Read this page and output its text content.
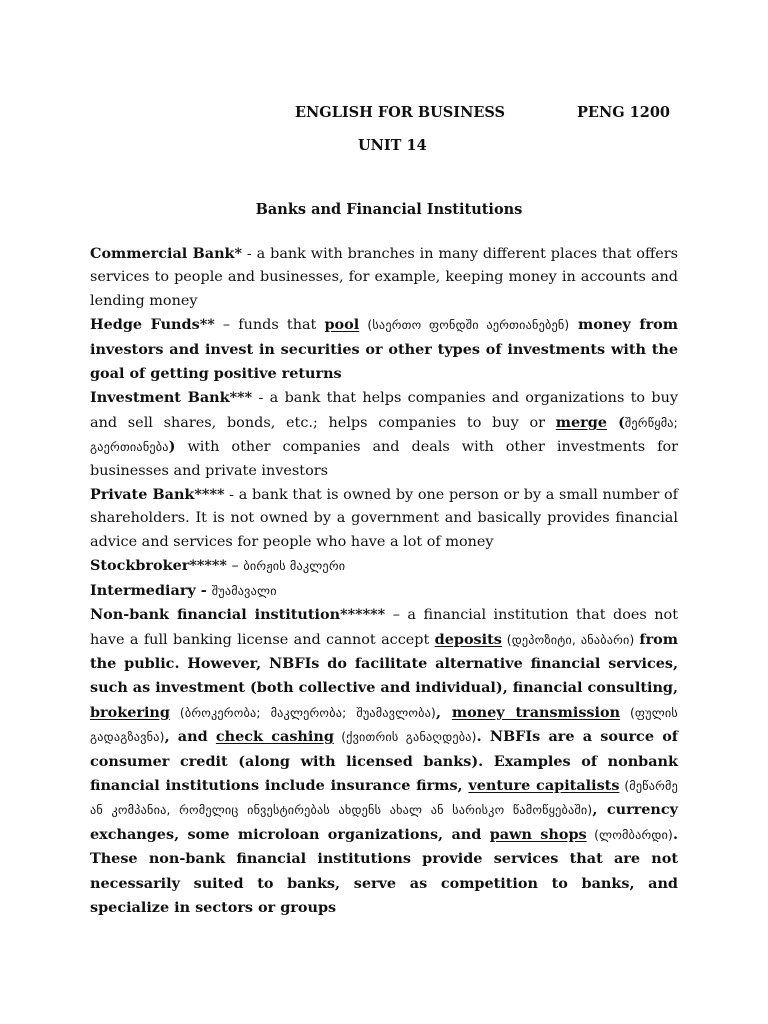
ENGLISH FOR BUSINESS	PENG 1200
UNIT 14
Banks and Financial Institutions

Commercial Bank* - a bank with branches in many different places that offers services to people and businesses, for example, keeping money in accounts and lending money

Hedge Funds** – funds that pool (საერთო ფონდში აერთიანებენ) money from investors and invest in securities or other types of investments with the goal of getting positive returns

Investment Bank*** - a bank that helps companies and organizations to buy and sell shares, bonds, etc.; helps companies to buy or merge (შერწყმა; გაერთიანება) with other companies and deals with other investments for businesses and private investors

Private Bank**** - a bank that is owned by one person or by a small number of shareholders. It is not owned by a government and basically provides financial advice and services for people who have a lot of money

Stockbroker***** – ბირჟის მაკლერი

Intermediary - შუამავალი

Non-bank financial institution****** – a financial institution that does not have a full banking license and cannot accept deposits (დეპოზიტი, ანაბარი) from the public. However, NBFIs do facilitate alternative financial services, such as investment (both collective and individual), financial consulting, brokering (ბროკერობა; მაკლერობა; შუამავლობა), money transmission (ფულის გადაგზავნა), and check cashing (ქვითრის განაღდება). NBFIs are a source of consumer credit (along with licensed banks). Examples of nonbank financial institutions include insurance firms, venture capitalists (მეწარმე ან კომპანია, რომელიც ინვესტირებას ახდენს ახალ ან სარისკო წამოწყებაში), currency exchanges, some microloan organizations, and pawn shops (ლომბარდი). These non-bank financial institutions provide services that are not necessarily suited to banks, serve as competition to banks, and specialize in sectors or groups
